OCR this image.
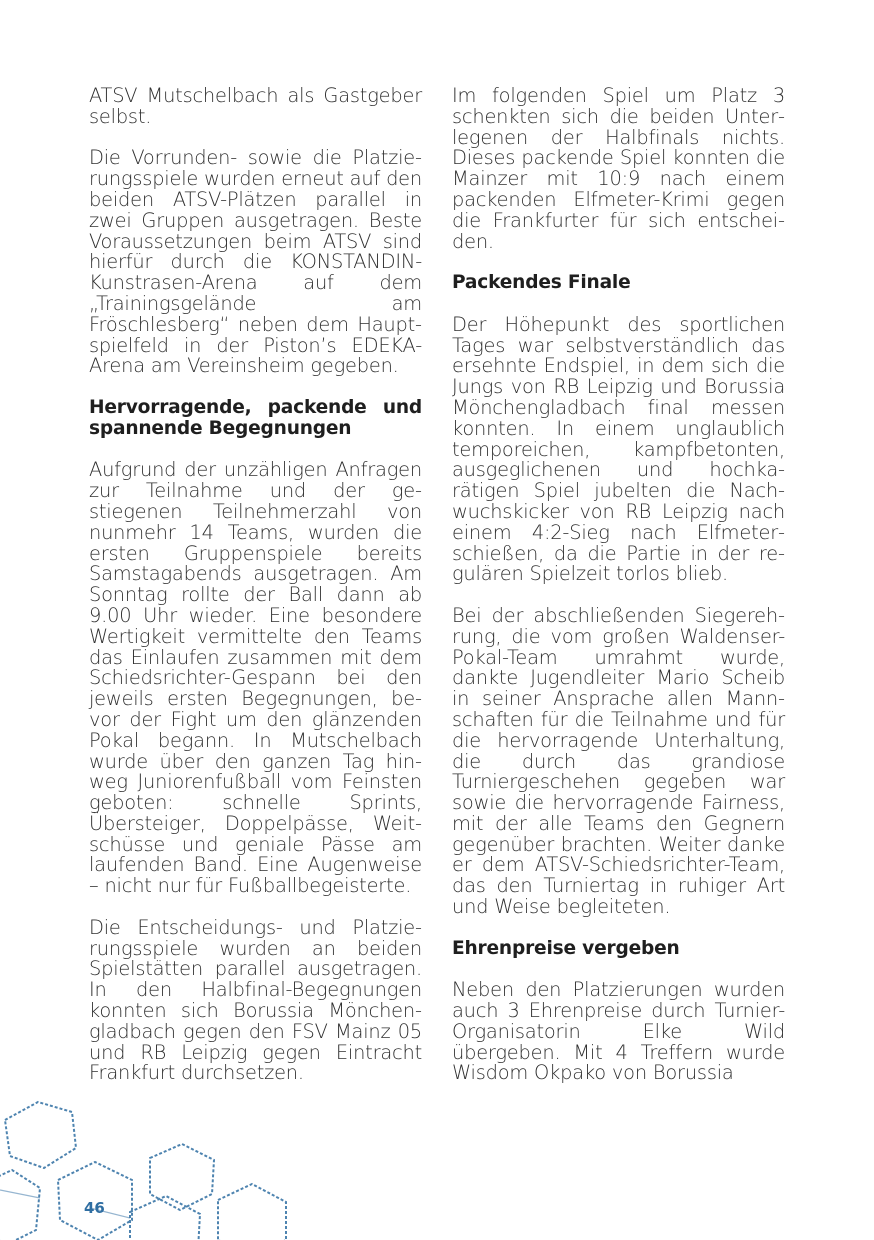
ATSV Mutschelbach als Gastgeber selbst.

Die Vorrunden- sowie die Platzierungsspiele wurden erneut auf den beiden ATSV-Plätzen parallel in zwei Gruppen ausgetragen. Beste Voraussetzungen beim ATSV sind hierfür durch die KONSTANDIN-Kunstrasen-Arena auf dem „Trainingsgelände am Fröschlesberg“ neben dem Hauptspielfeld in der Piston’s EDEKA-Arena am Vereinsheim gegeben.

Hervorragende, packende und spannende Begegnungen

Aufgrund der unzähligen Anfragen zur Teilnahme und der gestiegenen Teilnehmerzahl von nunmehr 14 Teams, wurden die ersten Gruppenspiele bereits Samstagabends ausgetragen. Am Sonntag rollte der Ball dann ab 9.00 Uhr wieder. Eine besondere Wertigkeit vermittelte den Teams das Einlaufen zusammen mit dem Schiedsrichter-Gespann bei den jeweils ersten Begegnungen, bevor der Fight um den glänzenden Pokal begann. In Mutschelbach wurde über den ganzen Tag hinweg Juniorenfußball vom Feinsten geboten: schnelle Sprints, Übersteiger, Doppelpässe, Weitschüsse und geniale Pässe am laufenden Band. Eine Augenweise – nicht nur für Fußballbegeisterte.

Die Entscheidungs- und Platzierungsspiele wurden an beiden Spielstätten parallel ausgetragen. In den Halbfinal-Begegnungen konnten sich Borussia Mönchengladbach gegen den FSV Mainz 05 und RB Leipzig gegen Eintracht Frankfurt durchsetzen.

Im folgenden Spiel um Platz 3 schenkten sich die beiden Unterlegenen der Halbfinals nichts. Dieses packende Spiel konnten die Mainzer mit 10:9 nach einem packenden Elfmeter-Krimi gegen die Frankfurter für sich entscheiden.

Packendes Finale

Der Höhepunkt des sportlichen Tages war selbstverständlich das ersehnte Endspiel, in dem sich die Jungs von RB Leipzig und Borussia Mönchengladbach final messen konnten. In einem unglaublich temporeichen, kampfbetonten, ausgeglichenen und hochkarätigen Spiel jubelten die Nachwuchskicker von RB Leipzig nach einem 4:2-Sieg nach Elfmeterschießen, da die Partie in der regulären Spielzeit torlos blieb.

Bei der abschließenden Siegerehrung, die vom großen Waldenser-Pokal-Team umrahmt wurde, dankte Jugendleiter Mario Scheib in seiner Ansprache allen Mannschaften für die Teilnahme und für die hervorragende Unterhaltung, die durch das grandiose Turniergeschehen gegeben war sowie die hervorragende Fairness, mit der alle Teams den Gegnern gegenüber brachten. Weiter danke er dem ATSV-Schiedsrichter-Team, das den Turniertag in ruhiger Art und Weise begleiteten.

Ehrenpreise vergeben

Neben den Platzierungen wurden auch 3 Ehrenpreise durch Turnier-Organisatorin Elke Wild übergeben. Mit 4 Treffern wurde Wisdom Okpako von Borussia

46
